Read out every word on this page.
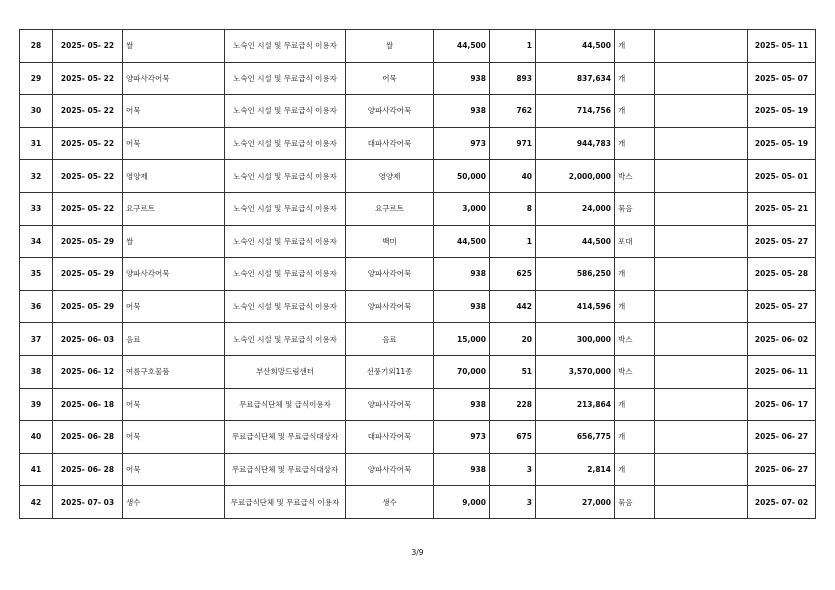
28	2025- 05- 22	쌀	노숙인 시설 및 무료급식 이용자	쌀	44,500	1	44,500	개		2025- 05- 11
29	2025- 05- 22	양파사각어묵	노숙인 시설 및 무료급식 이용자	어묵	938	893	837,634	개		2025- 05- 07
30	2025- 05- 22	어묵	노숙인 시설 및 무료급식 이용자	양파사각어묵	938	762	714,756	개		2025- 05- 19
31	2025- 05- 22	어묵	노숙인 시설 및 무료급식 이용자	대파사각어묵	973	971	944,783	개		2025- 05- 19
32	2025- 05- 22	영양제	노숙인 시설 및 무료급식 이용자	영양제	50,000	40	2,000,000	박스		2025- 05- 01
33	2025- 05- 22	요구르트	노숙인 시설 및 무료급식 이용자	요구르트	3,000	8	24,000	묶음		2025- 05- 21
34	2025- 05- 29	쌀	노숙인 시설 및 무료급식 이용자	백미	44,500	1	44,500	포대		2025- 05- 27
35	2025- 05- 29	양파사각어묵	노숙인 시설 및 무료급식 이용자	양파사각어묵	938	625	586,250	개		2025- 05- 28
36	2025- 05- 29	어묵	노숙인 시설 및 무료급식 이용자	양파사각어묵	938	442	414,596	개		2025- 05- 27
37	2025- 06- 03	음료	노숙인 시설 및 무료급식 이용자	음료	15,000	20	300,000	박스		2025- 06- 02
38	2025- 06- 12	여름구호물품	부산희망드림센터	선풍기외11종	70,000	51	3,570,000	박스		2025- 06- 11
39	2025- 06- 18	어묵	무료급식단체 및 급식이용자	양파사각어묵	938	228	213,864	개		2025- 06- 17
40	2025- 06- 28	어묵	무료급식단체 및 무료급식대상자	대파사각어묵	973	675	656,775	개		2025- 06- 27
41	2025- 06- 28	어묵	무료급식단체 및 무료급식대상자	양파사각어묵	938	3	2,814	개		2025- 06- 27
42	2025- 07- 03	생수	무료급식단체 및 무료급식 이용자	생수	9,000	3	27,000	묶음		2025- 07- 02
3/9
